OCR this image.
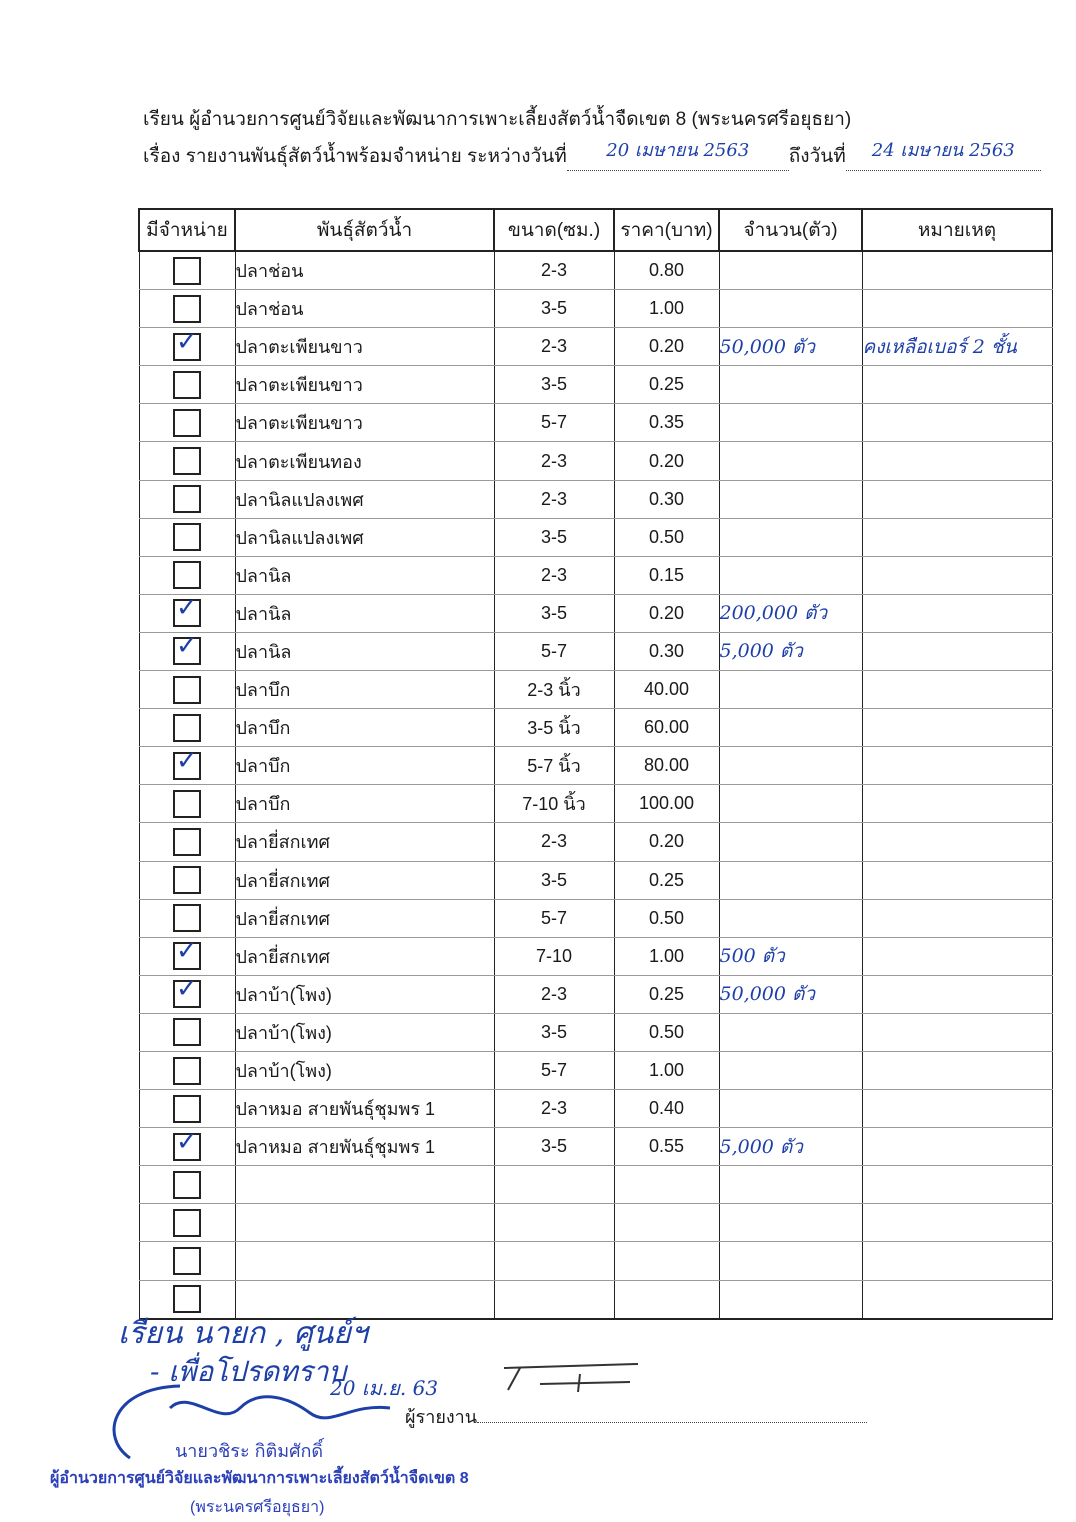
เรียน ผู้อำนวยการศูนย์วิจัยและพัฒนาการเพาะเลี้ยงสัตว์น้ำจืดเขต 8 (พระนครศรีอยุธยา)
เรื่อง รายงานพันธุ์สัตว์น้ำพร้อมจำหน่าย ระหว่างวันที่ 20 เมษายน 2563 ถึงวันที่ 24 เมษายน 2563
มีจำหน่าย	พันธุ์สัตว์น้ำ	ขนาด(ซม.)	ราคา(บาท)	จำนวน(ตัว)	หมายเหตุ
	ปลาช่อน	2-3	0.80		
	ปลาช่อน	3-5	1.00		

✓	ปลาตะเพียนขาว	2-3	0.20	50,000 ตัว	คงเหลือเบอร์ 2 ชั้น
	ปลาตะเพียนขาว	3-5	0.25		
	ปลาตะเพียนขาว	5-7	0.35		
	ปลาตะเพียนทอง	2-3	0.20		
	ปลานิลแปลงเพศ	2-3	0.30		
	ปลานิลแปลงเพศ	3-5	0.50		
	ปลานิล	2-3	0.15		

✓	ปลานิล	3-5	0.20	200,000 ตัว	

✓	ปลานิล	5-7	0.30	5,000 ตัว	
	ปลาบึก	2-3 นิ้ว	40.00		
	ปลาบึก	3-5 นิ้ว	60.00		

✓	ปลาบึก	5-7 นิ้ว	80.00		
	ปลาบึก	7-10 นิ้ว	100.00		
	ปลายี่สกเทศ	2-3	0.20		
	ปลายี่สกเทศ	3-5	0.25		
	ปลายี่สกเทศ	5-7	0.50		

✓	ปลายี่สกเทศ	7-10	1.00	500 ตัว	

✓	ปลาบ้า(โพง)	2-3	0.25	50,000 ตัว	
	ปลาบ้า(โพง)	3-5	0.50		
	ปลาบ้า(โพง)	5-7	1.00		
	ปลาหมอ สายพันธุ์ชุมพร 1	2-3	0.40		

✓	ปลาหมอ สายพันธุ์ชุมพร 1	3-5	0.55	5,000 ตัว	

เรียน นายก , ศูนย์ฯ
- เพื่อโปรดทราบ
20 เม.ย. 63
ผู้รายงาน
นายวชิระ กิติมศักดิ์
ผู้อำนวยการศูนย์วิจัยและพัฒนาการเพาะเลี้ยงสัตว์น้ำจืดเขต 8
(พระนครศรีอยุธยา)
